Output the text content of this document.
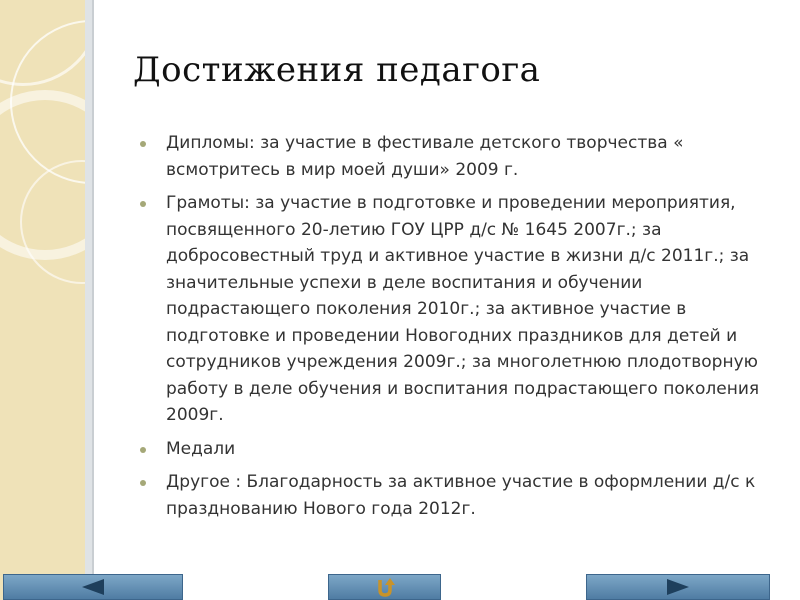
Достижения педагога
Дипломы: за участие в фестивале детского творчества « всмотритесь в мир моей души» 2009 г.
Грамоты: за участие в подготовке и проведении мероприятия, посвященного 20-летию ГОУ ЦРР д/с № 1645 2007г.; за добросовестный труд и активное участие в жизни д/с 2011г.; за значительные успехи в деле воспитания и обучении подрастающего поколения 2010г.; за активное участие в подготовке и проведении Новогодних праздников для детей и сотрудников учреждения 2009г.; за многолетнюю плодотворную работу в деле обучения и воспитания подрастающего поколения 2009г.
Медали
Другое : Благодарность за активное участие в оформлении д/с к празднованию Нового года 2012г.
